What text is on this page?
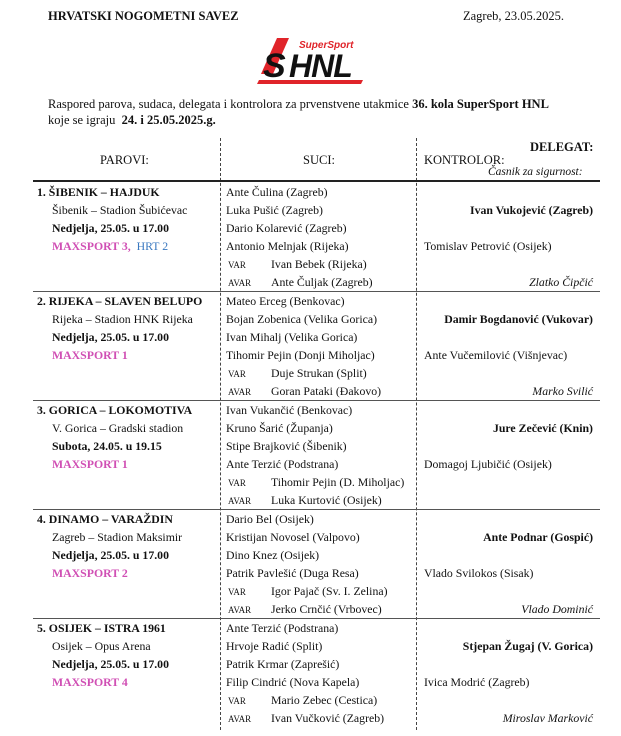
HRVATSKI NOGOMETNI SAVEZ	Zagreb, 23.05.2025.
SuperSport
S HNL
Raspored parova, sudaca, delegata i kontrolora za prvenstvene utakmice 36. kola SuperSport HNL
koje se igraju 24. i 25.05.2025.g.
PAROVI:	SUCI:
DELEGAT:
KONTROLOR:
Časnik za sigurnost:
1. ŠIBENIK – HAJDUK
Šibenik – Stadion Šubićevac
Nedjelja, 25.05. u 17.00
MAXSPORT 3, HRT 2
Ante Čulina (Zagreb)
Luka Pušić (Zagreb)
Dario Kolarević (Zagreb)
Antonio Melnjak (Rijeka)
VAR Ivan Bebek (Rijeka)
AVAR Ante Čuljak (Zagreb)
Ivan Vukojević (Zagreb)
Tomislav Petrović (Osijek)
Zlatko Čipčić
2. RIJEKA – SLAVEN BELUPO
Rijeka – Stadion HNK Rijeka
Nedjelja, 25.05. u 17.00
MAXSPORT 1
Mateo Erceg (Benkovac)
Bojan Zobenica (Velika Gorica)
Ivan Mihalj (Velika Gorica)
Tihomir Pejin (Donji Miholjac)
VAR Duje Strukan (Split)
AVAR Goran Pataki (Đakovo)
Damir Bogdanović (Vukovar)
Ante Vučemilović (Višnjevac)
Marko Svilić
3. GORICA – LOKOMOTIVA
V. Gorica – Gradski stadion
Subota, 24.05. u 19.15
MAXSPORT 1
Ivan Vukančić (Benkovac)
Kruno Šarić (Županja)
Stipe Brajković (Šibenik)
Ante Terzić (Podstrana)
VAR Tihomir Pejin (D. Miholjac)
AVAR Luka Kurtović (Osijek)
Jure Zečević (Knin)
Domagoj Ljubičić (Osijek)
4. DINAMO – VARAŽDIN
Zagreb – Stadion Maksimir
Nedjelja, 25.05. u 17.00
MAXSPORT 2
Dario Bel (Osijek)
Kristijan Novosel (Valpovo)
Dino Knez (Osijek)
Patrik Pavlešić (Duga Resa)
VAR Igor Pajač (Sv. I. Zelina)
AVAR Jerko Crnčić (Vrbovec)
Ante Podnar (Gospić)
Vlado Svilokos (Sisak)
Vlado Dominić
5. OSIJEK – ISTRA 1961
Osijek – Opus Arena
Nedjelja, 25.05. u 17.00
MAXSPORT 4
Ante Terzić (Podstrana)
Hrvoje Radić (Split)
Patrik Krmar (Zaprešić)
Filip Cindrić (Nova Kapela)
VAR Mario Zebec (Cestica)
AVAR Ivan Vučković (Zagreb)
Stjepan Žugaj (V. Gorica)
Ivica Modrić (Zagreb)
Miroslav Marković
